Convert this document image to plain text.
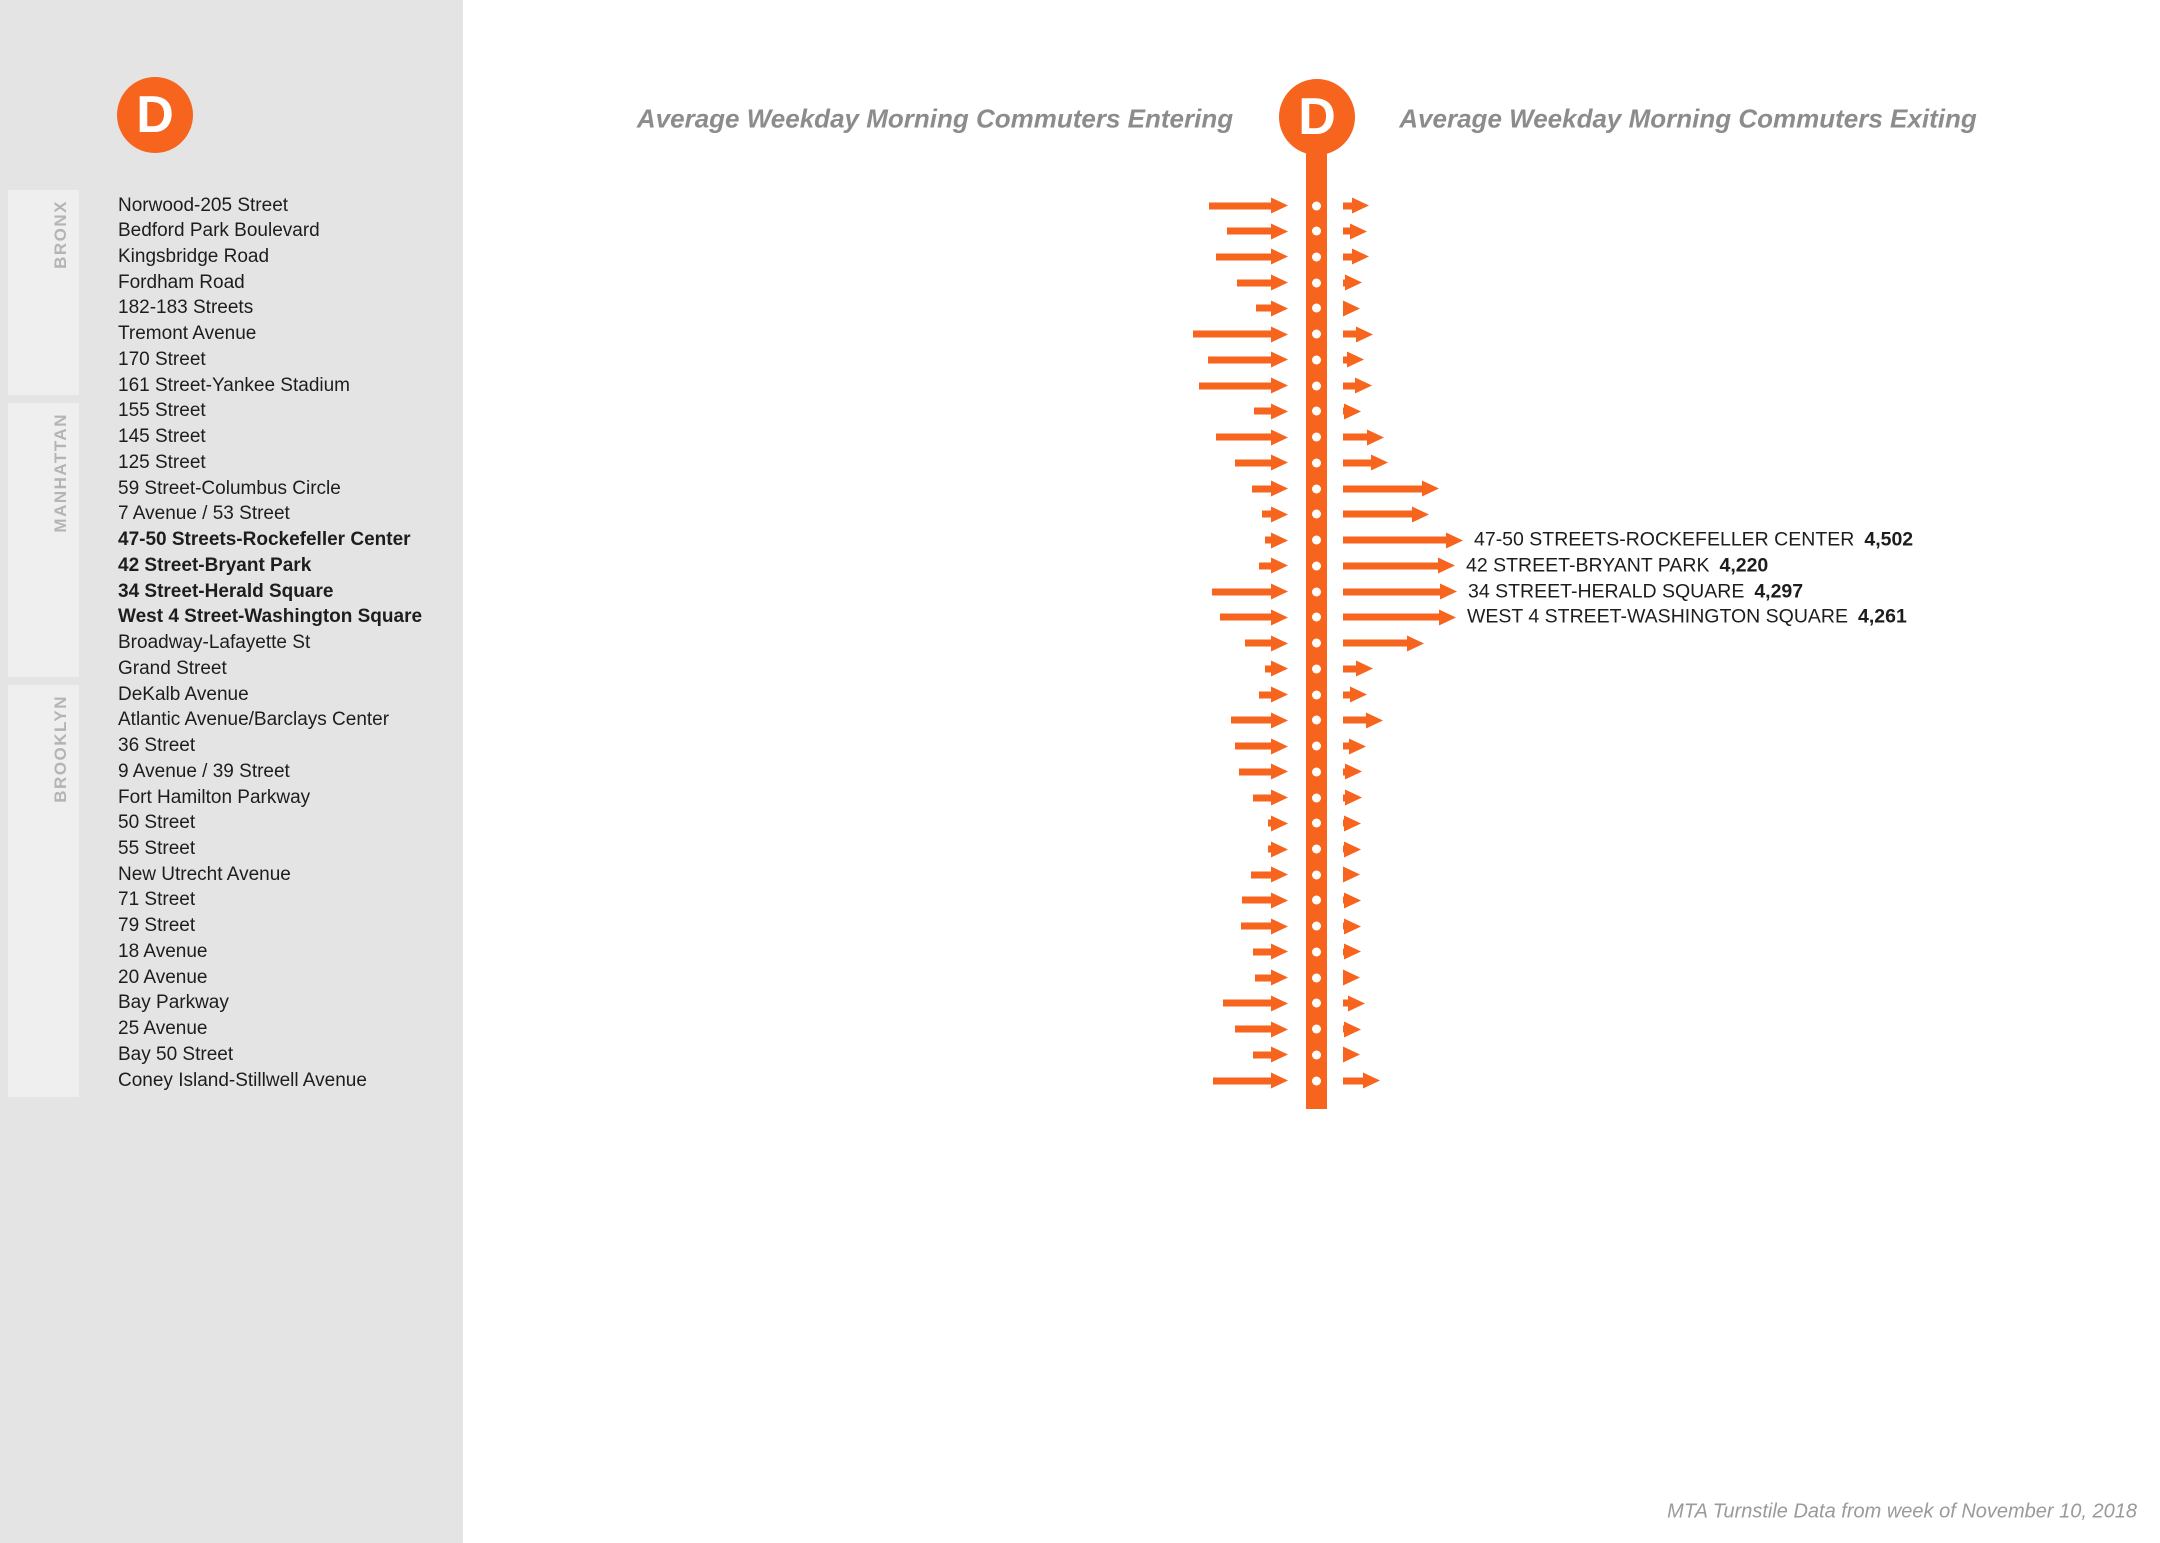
BRONX
MANHATTAN
BROOKLYN
D
Norwood-205 Street
Bedford Park Boulevard
Kingsbridge Road
Fordham Road
182-183 Streets
Tremont Avenue
170 Street
161 Street-Yankee Stadium
155 Street
145 Street
125 Street
59 Street-Columbus Circle
7 Avenue / 53 Street
47-50 Streets-Rockefeller Center
42 Street-Bryant Park
34 Street-Herald Square
West 4 Street-Washington Square
Broadway-Lafayette St
Grand Street
DeKalb Avenue
Atlantic Avenue/Barclays Center
36 Street
9 Avenue / 39 Street
Fort Hamilton Parkway
50 Street
55 Street
New Utrecht Avenue
71 Street
79 Street
18 Avenue
20 Avenue
Bay Parkway
25 Avenue
Bay 50 Street
Coney Island-Stillwell Avenue
Average Weekday Morning Commuters Entering	Average Weekday Morning Commuters Exiting
D
47-50 STREETS-ROCKEFELLER CENTER 4,502
42 STREET-BRYANT PARK 4,220
34 STREET-HERALD SQUARE 4,297
WEST 4 STREET-WASHINGTON SQUARE 4,261
MTA Turnstile Data from week of November 10, 2018
